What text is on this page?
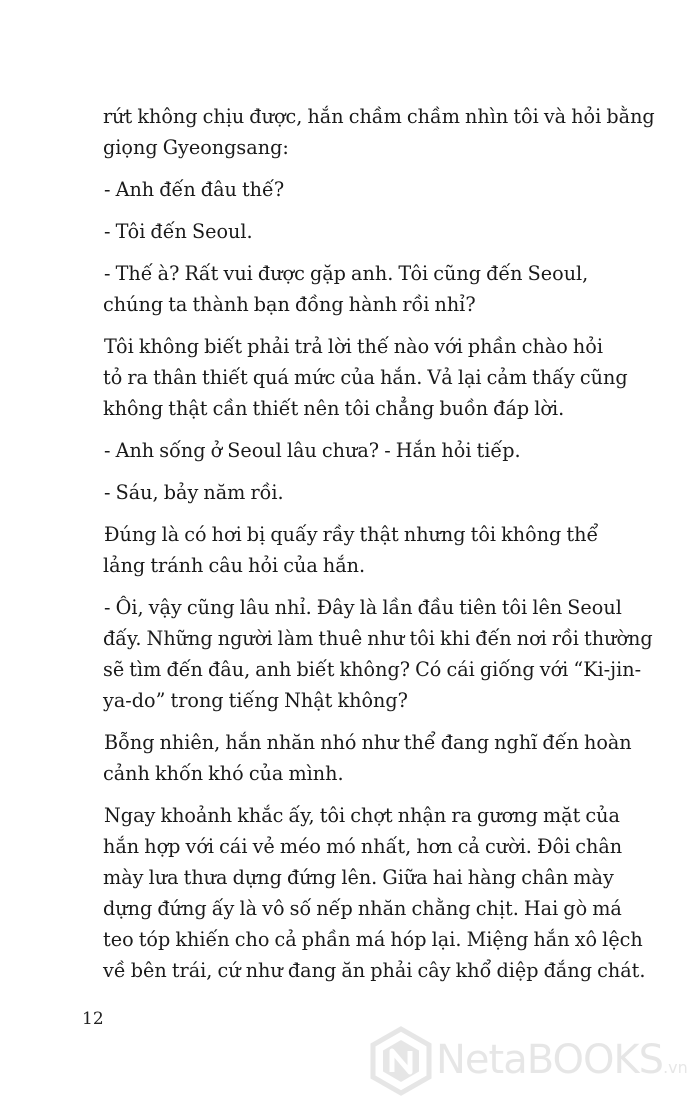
rứt không chịu được, hắn chầm chầm nhìn tôi và hỏi bằng
giọng Gyeongsang:
- Anh đến đâu thế?
- Tôi đến Seoul.
- Thế à? Rất vui được gặp anh. Tôi cũng đến Seoul,
chúng ta thành bạn đồng hành rồi nhỉ?
Tôi không biết phải trả lời thế nào với phần chào hỏi
tỏ ra thân thiết quá mức của hắn. Vả lại cảm thấy cũng
không thật cần thiết nên tôi chẳng buồn đáp lời.
- Anh sống ở Seoul lâu chưa? - Hắn hỏi tiếp.
- Sáu, bảy năm rồi.
Đúng là có hơi bị quấy rầy thật nhưng tôi không thể
lảng tránh câu hỏi của hắn.
- Ôi, vậy cũng lâu nhỉ. Đây là lần đầu tiên tôi lên Seoul
đấy. Những người làm thuê như tôi khi đến nơi rồi thường
sẽ tìm đến đâu, anh biết không? Có cái giống với “Ki-jin-
ya-do” trong tiếng Nhật không?
Bỗng nhiên, hắn nhăn nhó như thể đang nghĩ đến hoàn
cảnh khốn khó của mình.
Ngay khoảnh khắc ấy, tôi chợt nhận ra gương mặt của
hắn hợp với cái vẻ méo mó nhất, hơn cả cười. Đôi chân
mày lưa thưa dựng đứng lên. Giữa hai hàng chân mày
dựng đứng ấy là vô số nếp nhăn chằng chịt. Hai gò má
teo tóp khiến cho cả phần má hóp lại. Miệng hắn xô lệch
về bên trái, cứ như đang ăn phải cây khổ diệp đắng chát.
12
NetaBOOKS.vn
